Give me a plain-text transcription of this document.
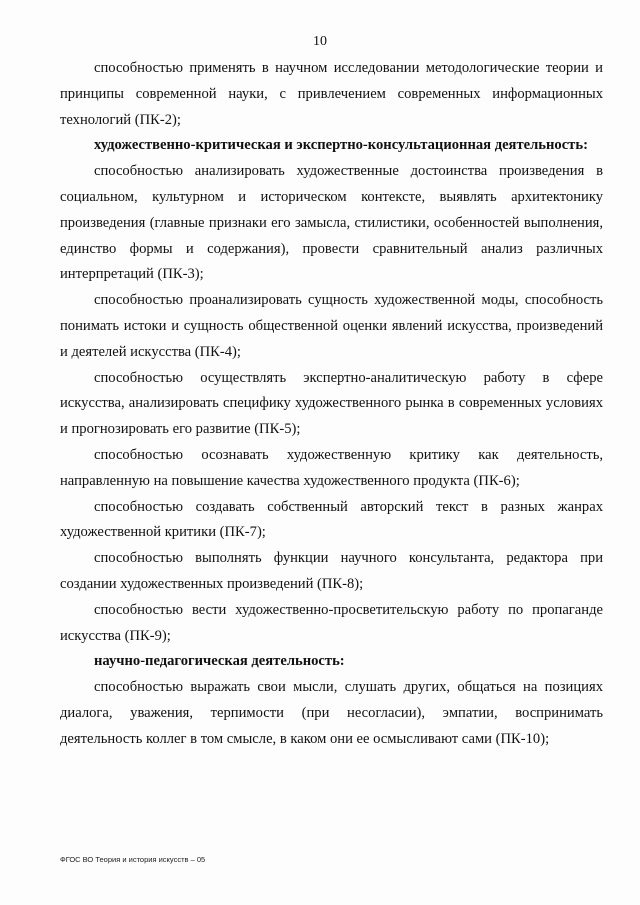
10

способностью применять в научном исследовании методологические теории и принципы современной науки, с привлечением современных информационных технологий (ПК-2);

художественно-критическая и экспертно-консультационная деятельность:

способностью анализировать художественные достоинства произведения в социальном, культурном и историческом контексте, выявлять архитектонику произведения (главные признаки его замысла, стилистики, особенностей выполнения, единство формы и содержания), провести сравнительный анализ различных интерпретаций (ПК-3);

способностью проанализировать сущность художественной моды, способность понимать истоки и сущность общественной оценки явлений искусства, произведений и деятелей искусства (ПК-4);

способностью осуществлять экспертно-аналитическую работу в сфере искусства, анализировать специфику художественного рынка в современных условиях и прогнозировать его развитие (ПК-5);

способностью осознавать художественную критику как деятельность, направленную на повышение качества художественного продукта (ПК-6);

способностью создавать собственный авторский текст в разных жанрах художественной критики (ПК-7);

способностью выполнять функции научного консультанта, редактора при создании художественных произведений (ПК-8);

способностью вести художественно-просветительскую работу по пропаганде искусства (ПК-9);

научно-педагогическая деятельность:

способностью выражать свои мысли, слушать других, общаться на позициях диалога, уважения, терпимости (при несогласии), эмпатии, воспринимать деятельность коллег в том смысле, в каком они ее осмысливают сами (ПК-10);

ФГОС ВО Теория и история искусств – 05
